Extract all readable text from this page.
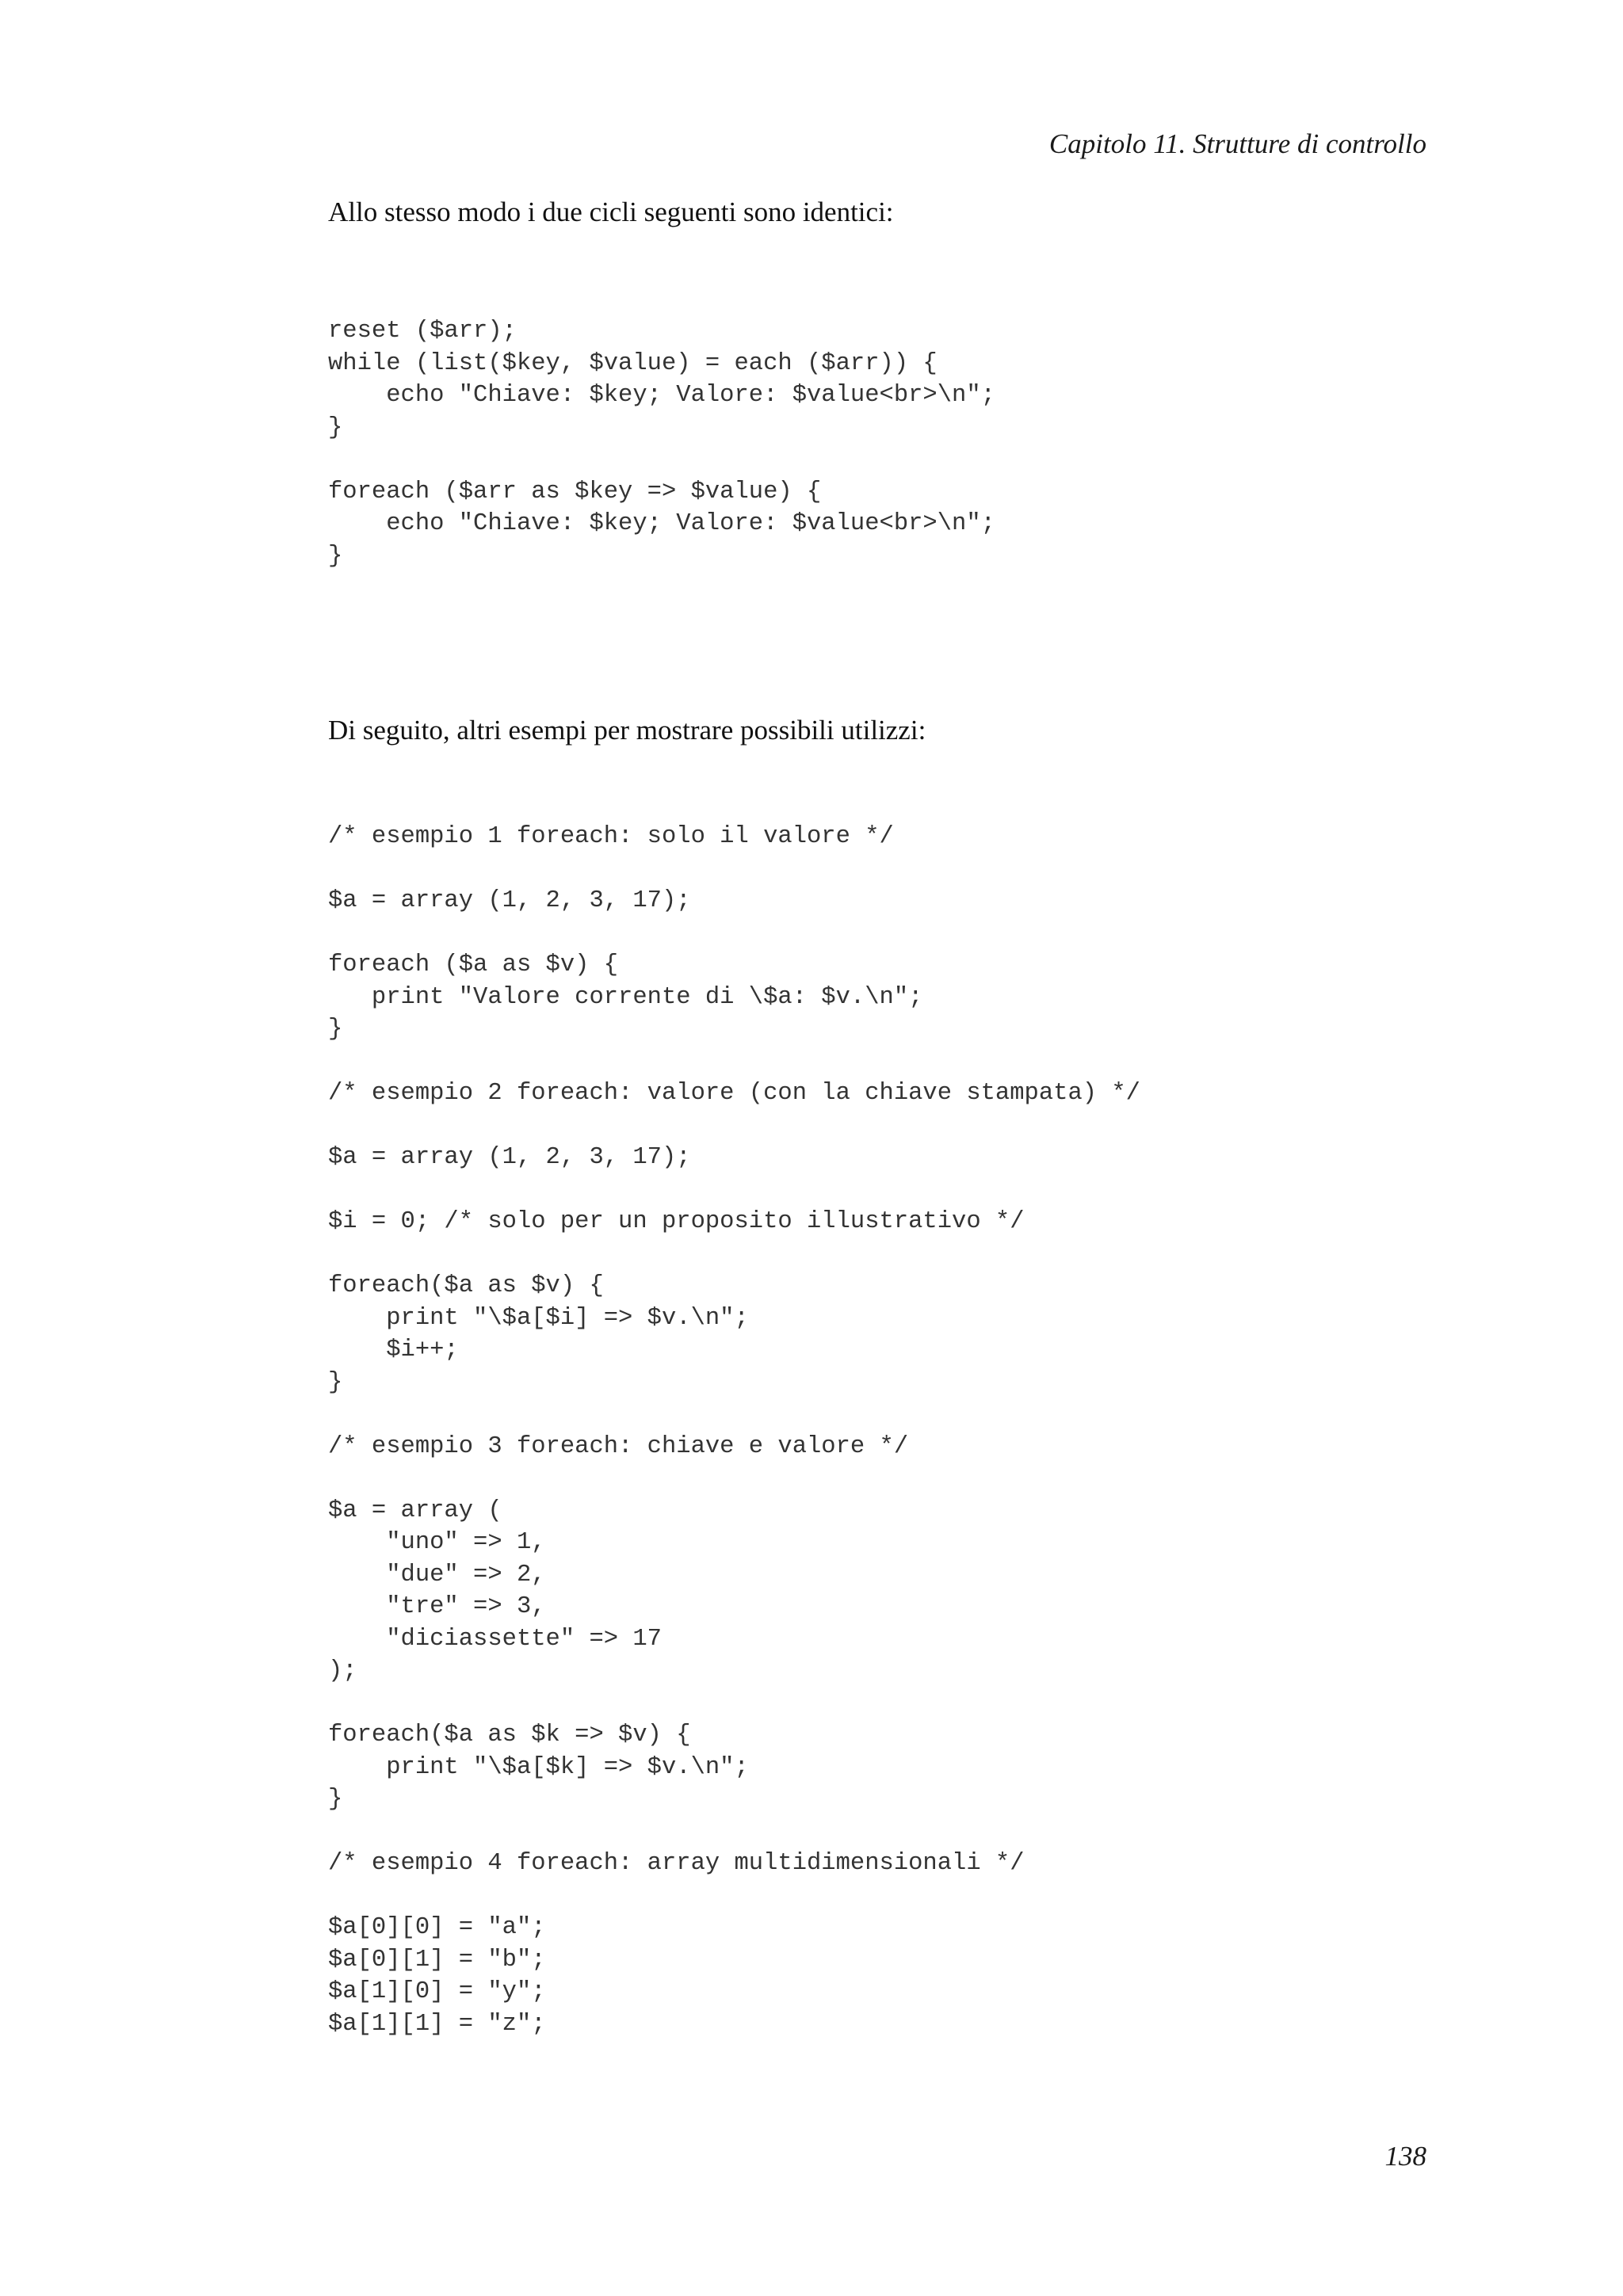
Capitolo 11. Strutture di controllo

Allo stesso modo i due cicli seguenti sono identici:

reset ($arr);
while (list($key, $value) = each ($arr)) {
echo "Chiave: $key; Valore: $value<br>\n";
}

foreach ($arr as $key => $value) {
echo "Chiave: $key; Valore: $value<br>\n";
}

Di seguito, altri esempi per mostrare possibili utilizzi:

/* esempio 1 foreach: solo il valore */

$a = array (1, 2, 3, 17);

foreach ($a as $v) {
print "Valore corrente di \$a: $v.\n";
}

/* esempio 2 foreach: valore (con la chiave stampata) */

$a = array (1, 2, 3, 17);

$i = 0; /* solo per un proposito illustrativo */

foreach($a as $v) {
print "\$a[$i] => $v.\n";
$i++;
}

/* esempio 3 foreach: chiave e valore */

$a = array (
"uno" => 1,
"due" => 2,
"tre" => 3,
"diciassette" => 17
);

foreach($a as $k => $v) {
print "\$a[$k] => $v.\n";
}

/* esempio 4 foreach: array multidimensionali */

$a[0][0] = "a";
$a[0][1] = "b";
$a[1][0] = "y";
$a[1][1] = "z";

138
